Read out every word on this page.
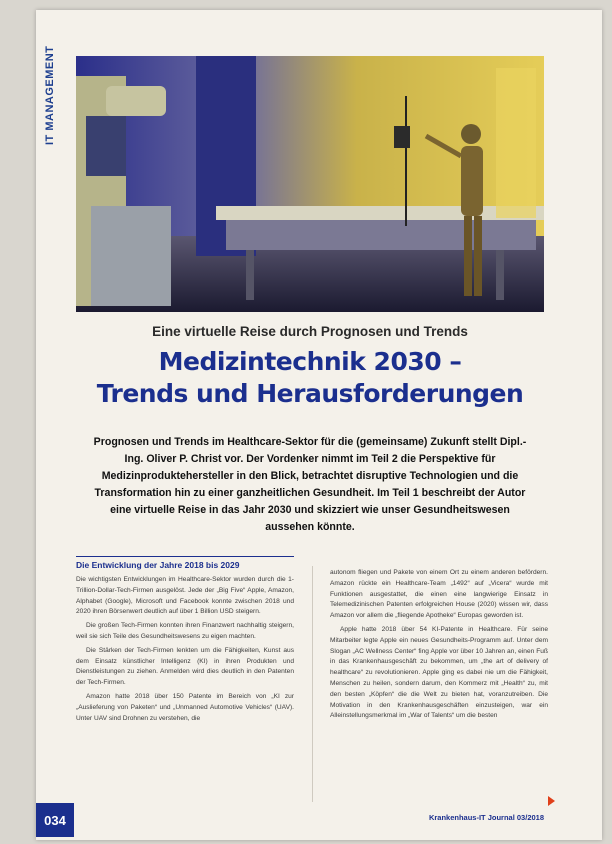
IT MANAGEMENT
Eine virtuelle Reise durch Prognosen und Trends
Medizintechnik 2030 –
Trends und Herausforderungen
Prognosen und Trends im Healthcare-Sektor für die (gemeinsame) Zukunft stellt Dipl.-Ing. Oliver P. Christ vor. Der Vordenker nimmt im Teil 2 die Perspektive für Medizinproduktehersteller in den Blick, betrachtet disruptive Technologien und die Transformation hin zu einer ganzheitlichen Gesundheit. Im Teil 1 beschreibt der Autor eine virtuelle Reise in das Jahr 2030 und skizziert wie unser Gesundheitswesen aussehen könnte.
Die Entwicklung der Jahre 2018 bis 2029

Die wichtigsten Entwicklungen im Healthcare-Sektor wurden durch die 1-Trillion-Dollar-Tech-Firmen ausgelöst. Jede der „Big Five“ Apple, Amazon, Alphabet (Google), Microsoft und Facebook konnte zwischen 2018 und 2020 ihren Börsenwert deutlich auf über 1 Billion USD steigern.

Die großen Tech-Firmen konnten ihren Finanzwert nachhaltig steigern, weil sie sich Teile des Gesundheitswesens zu eigen machten.

Die Stärken der Tech-Firmen lenkten um die Fähigkeiten, Kunst aus dem Einsatz künstlicher Intelligenz (KI) in ihren Produkten und Dienstleistungen zu ziehen. Anmelden wird dies deutlich in den Patenten der Tech-Firmen.

Amazon hatte 2018 über 150 Patente im Bereich von „KI zur „Auslieferung von Paketen“ und „Unmanned Automotive Vehicles“ (UAV). Unter UAV sind Drohnen zu verstehen, die

autonom fliegen und Pakete von einem Ort zu einem anderen befördern. Amazon rückte ein Healthcare-Team „1492“ auf „Vicera“ wurde mit Funktionen ausgestattet, die einen eine langwierige Einsatz in Telemedizinischen Patenten erfolgreichen House (2020) wissen wir, dass Amazon vor allem die „fliegende Apotheke“ Europas geworden ist.

Apple hatte 2018 über 54 KI-Patente in Healthcare. Für seine Mitarbeiter legte Apple ein neues Gesundheits-Programm auf. Unter dem Slogan „AC Wellness Center“ fing Apple vor über 10 Jahren an, einen Fuß in das Krankenhausgeschäft zu bekommen, um „the art of delivery of healthcare“ zu revolutionieren. Apple ging es dabei nie um die Fähigkeit, Menschen zu heilen, sondern darum, den Kommerz mit „Health“ zu, mit den besten „Köpfen“ die die Welt zu bieten hat, voranzutreiben. Die Motivation in den Krankenhausgeschäften einzusteigen, war ein Alleinstellungsmerkmal im „War of Talents“ um die besten

034	Krankenhaus-IT Journal 03/2018
